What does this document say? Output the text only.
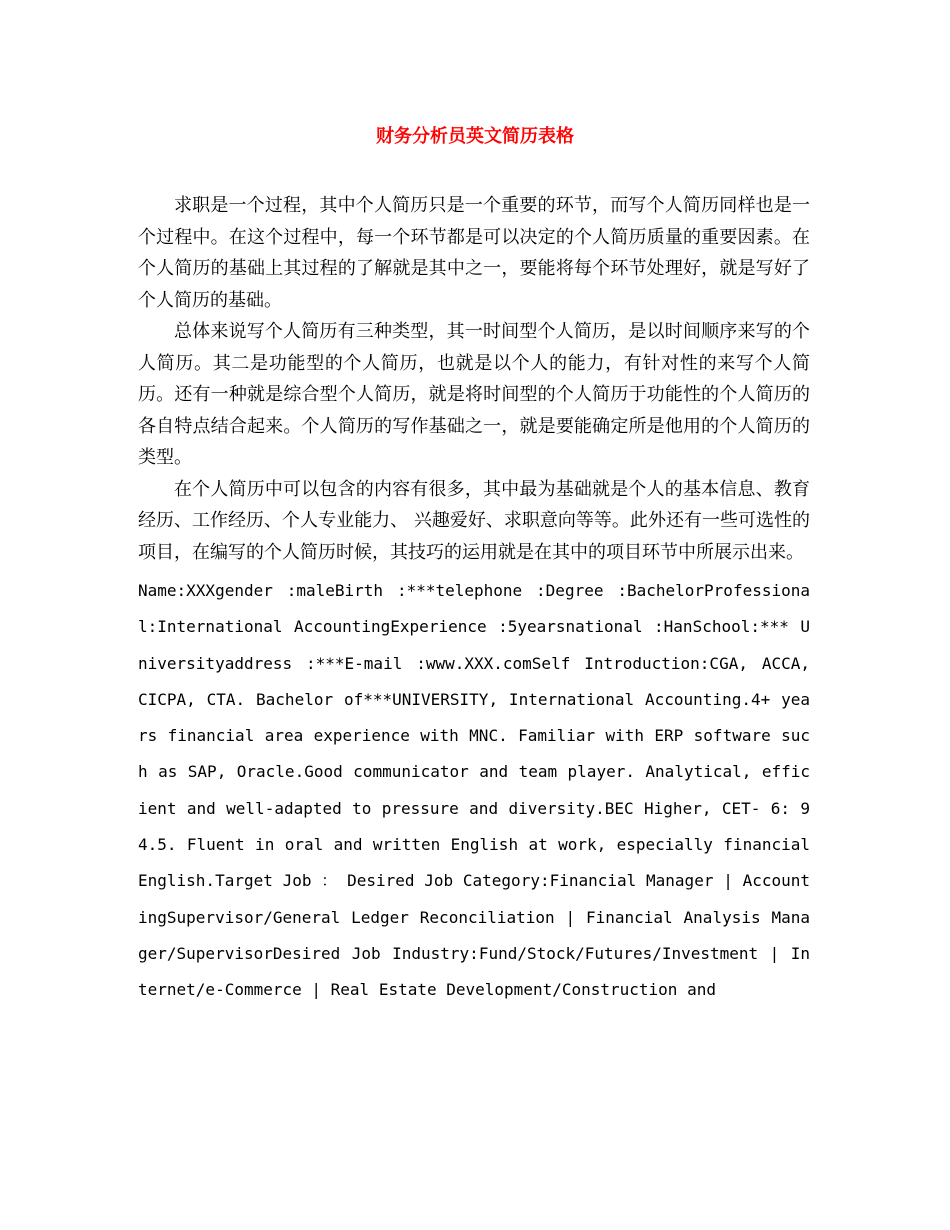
财务分析员英文简历表格

求职是一个过程，其中个人简历只是一个重要的环节，而写个人简历同样也是一个过程中。在这个过程中，每一个环节都是可以决定的个人简历质量的重要因素。在个人简历的基础上其过程的了解就是其中之一，要能将每个环节处理好，就是写好了个人简历的基础。

总体来说写个人简历有三种类型，其一时间型个人简历，是以时间顺序来写的个人简历。其二是功能型的个人简历，也就是以个人的能力，有针对性的来写个人简历。还有一种就是综合型个人简历，就是将时间型的个人简历于功能性的个人简历的各自特点结合起来。个人简历的写作基础之一，就是要能确定所是他用的个人简历的类型。

在个人简历中可以包含的内容有很多，其中最为基础就是个人的基本信息、教育经历、工作经历、个人专业能力、 兴趣爱好、求职意向等等。此外还有一些可选性的项目，在编写的个人简历时候，其技巧的运用就是在其中的项目环节中所展示出来。

Name:XXXgender :maleBirth :***telephone :Degree :BachelorProfessional:International AccountingExperience :5yearsnational :HanSchool:*** Universityaddress :***E-mail :www.XXX.comSelf Introduction:CGA, ACCA, CICPA, CTA. Bachelor of***UNIVERSITY, International Accounting.4+ years financial area experience with MNC. Familiar with ERP software such as SAP, Oracle.Good communicator and team player. Analytical, efficient and well-adapted to pressure and diversity.BEC Higher, CET- 6: 94.5. Fluent in oral and written English at work, especially financial English.Target Job ： Desired Job Category:Financial Manager | AccountingSupervisor/General Ledger Reconciliation | Financial Analysis Manager/SupervisorDesired Job Industry:Fund/Stock/Futures/Investment | Internet/e-Commerce | Real Estate Development/Construction and
